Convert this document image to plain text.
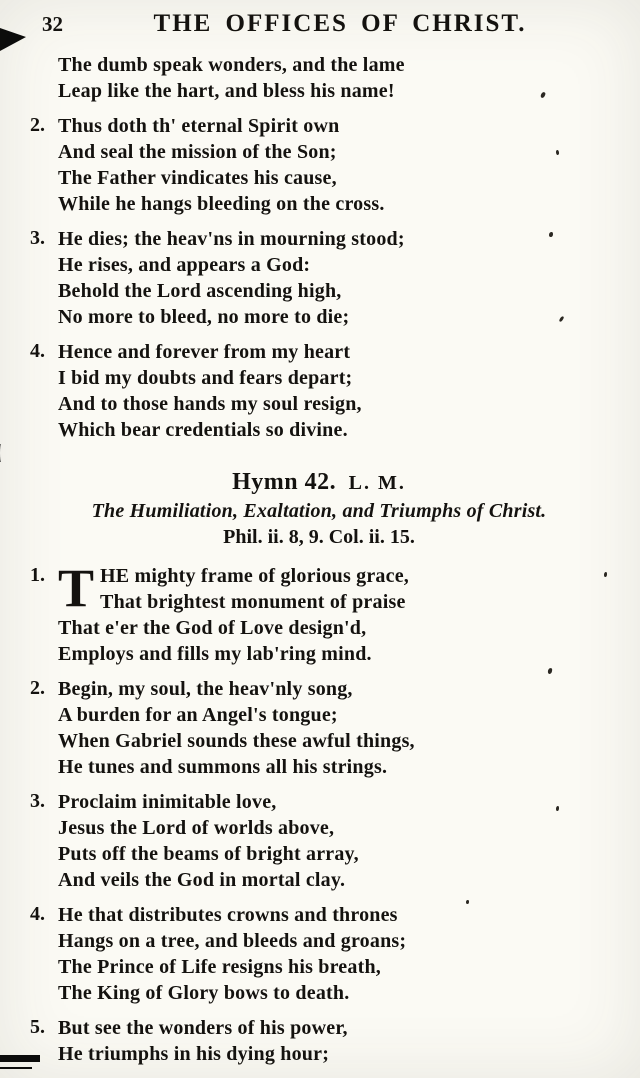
32	THE OFFICES OF CHRIST.
The dumb speak wonders, and the lame
Leap like the hart, and bless his name!
2. Thus doth th' eternal Spirit own
And seal the mission of the Son;
The Father vindicates his cause,
While he hangs bleeding on the cross.
3. He dies; the heav'ns in mourning stood;
He rises, and appears a God:
Behold the Lord ascending high,
No more to bleed, no more to die;
4. Hence and forever from my heart
I bid my doubts and fears depart;
And to those hands my soul resign,
Which bear credentials so divine.
Hymn 42. L. M.
The Humiliation, Exaltation, and Triumphs of Christ.
Phil. ii. 8, 9. Col. ii. 15.
1. T HE mighty frame of glorious grace,
That brightest monument of praise
That e'er the God of Love design'd,
Employs and fills my lab'ring mind.
2. Begin, my soul, the heav'nly song,
A burden for an Angel's tongue;
When Gabriel sounds these awful things,
He tunes and summons all his strings.
3. Proclaim inimitable love,
Jesus the Lord of worlds above,
Puts off the beams of bright array,
And veils the God in mortal clay.
4. He that distributes crowns and thrones
Hangs on a tree, and bleeds and groans;
The Prince of Life resigns his breath,
The King of Glory bows to death.
5. But see the wonders of his power,
He triumphs in his dying hour;
